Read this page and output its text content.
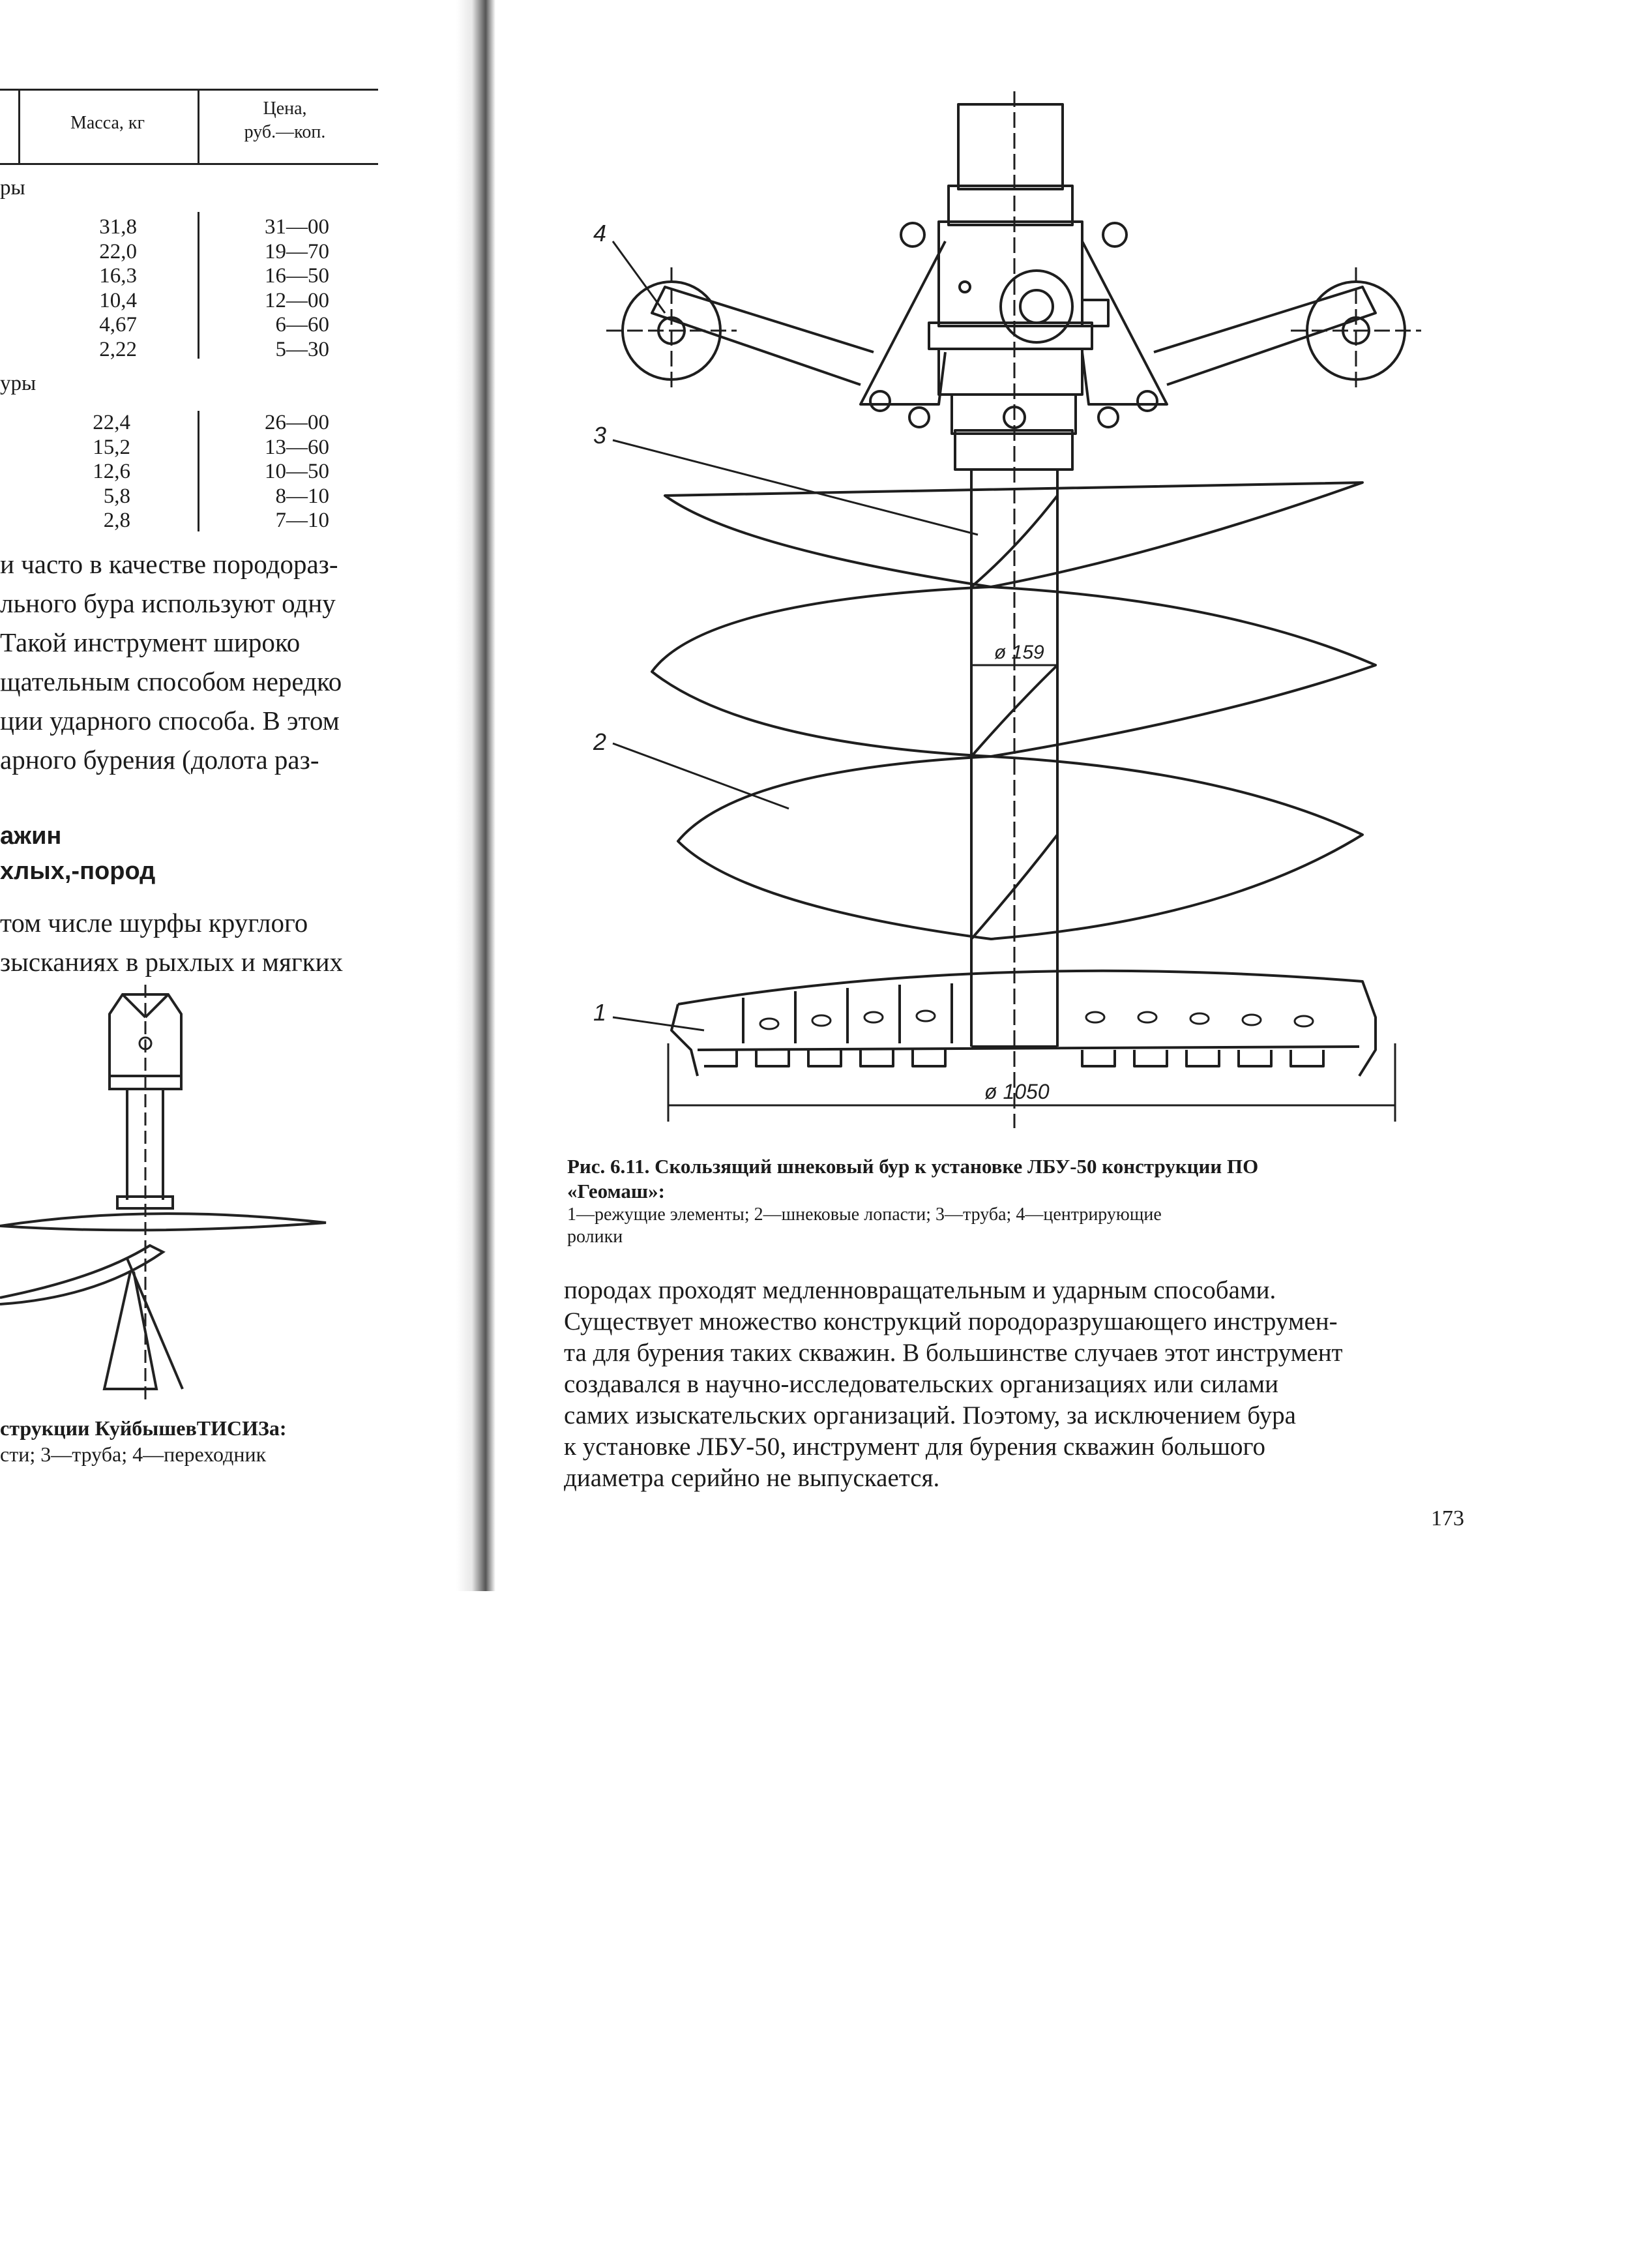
Масса, кг
Цена,
руб.—коп.
ры
31,8
22,0
16,3
10,4
4,67
2,22
31—00
19—70
16—50
12—00
6—60
5—30
уры
22,4
15,2
12,6
5,8
2,8
26—00
13—60
10—50
8—10
7—10
и часто в качестве породораз-
льного бура используют одну
Такой инструмент широко
щательным способом нередко
ции ударного способа. В этом
арного бурения (долота раз-
ажин
хлых,-пород
том числе шурфы круглого
зысканиях в рыхлых и мягких
струкции КуйбышевТИСИЗа:
сти; 3—труба; 4—переходник
4
3
2
1
ø 159
ø 1050
Рис. 6.11. Скользящий шнековый бур к установке ЛБУ-50 конструкции ПО
«Геомаш»:
1—режущие элементы; 2—шнековые лопасти; 3—труба; 4—центрирующие
ролики
породах проходят медленновращательным и ударным способами.
Существует множество конструкций породоразрушающего инструмен-
та для бурения таких скважин. В большинстве случаев этот инструмент
создавался в научно-исследовательских организациях или силами
самих изыскательских организаций. Поэтому, за исключением бура
к установке ЛБУ-50, инструмент для бурения скважин большого
диаметра серийно не выпускается.
173
